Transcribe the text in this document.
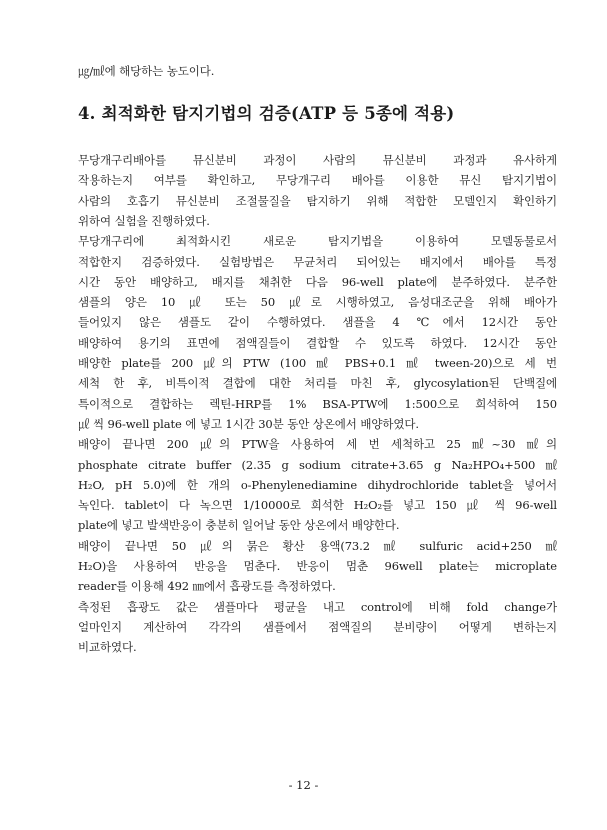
㎍/㎖에 해당하는 농도이다.
4. 최적화한 탐지기법의 검증(ATP 등 5종에 적용)
무당개구리배아를 뮤신분비 과정이 사람의 뮤신분비 과정과 유사하게
작용하는지 여부를 확인하고, 무당개구리 배아를 이용한 뮤신 탐지기법이
사람의 호흡기 뮤신분비 조절물질을 탐지하기 위해 적합한 모델인지 확인하기
위하여 실험을 진행하였다.
무당개구리에 최적화시킨 새로운 탐지기법을 이용하여 모델동물로서
적합한지 검증하였다. 실험방법은 무균처리 되어있는 배지에서 배아를 특정
시간 동안 배양하고, 배지를 채취한 다음 96-well plate에 분주하였다. 분주한
샘플의 양은 10 ㎕ 또는 50 ㎕로 시행하였고, 음성대조군을 위해 배아가
들어있지 않은 샘플도 같이 수행하였다. 샘플을 4 ℃에서 12시간 동안
배양하여 용기의 표면에 점액질들이 결합할 수 있도록 하였다. 12시간 동안
배양한 plate를 200 ㎕의 PTW (100 ㎖ PBS+0.1 ㎖ tween-20)으로 세 번
세척 한 후, 비특이적 결합에 대한 처리를 마친 후, glycosylation된 단백질에
특이적으로 결합하는 렉틴-HRP를 1% BSA-PTW에 1:500으로 희석하여 150
㎕ 씩 96-well plate 에 넣고 1시간 30분 동안 상온에서 배양하였다.
배양이 끝나면 200 ㎕의 PTW을 사용하여 세 번 세척하고 25 ㎖~30 ㎖의
phosphate citrate buffer (2.35 g sodium citrate+3.65 g Na₂HPO₄+500 ㎖
H₂O, pH 5.0)에 한 개의 o-Phenylenediamine dihydrochloride tablet을 넣어서
녹인다. tablet이 다 녹으면 1/10000로 희석한 H₂O₂를 넣고 150 ㎕ 씩 96-well
plate에 넣고 발색반응이 충분히 일어날 동안 상온에서 배양한다.
배양이 끝나면 50 ㎕의 묽은 황산 용액(73.2 ㎖ sulfuric acid+250 ㎖
H₂O)을 사용하여 반응을 멈춘다. 반응이 멈춘 96well plate는 microplate
reader를 이용해 492 ㎚에서 흡광도를 측정하였다.
측정된 흡광도 값은 샘플마다 평균을 내고 control에 비해 fold change가
얼마인지 계산하여 각각의 샘플에서 점액질의 분비량이 어떻게 변하는지
비교하였다.
- 12 -
